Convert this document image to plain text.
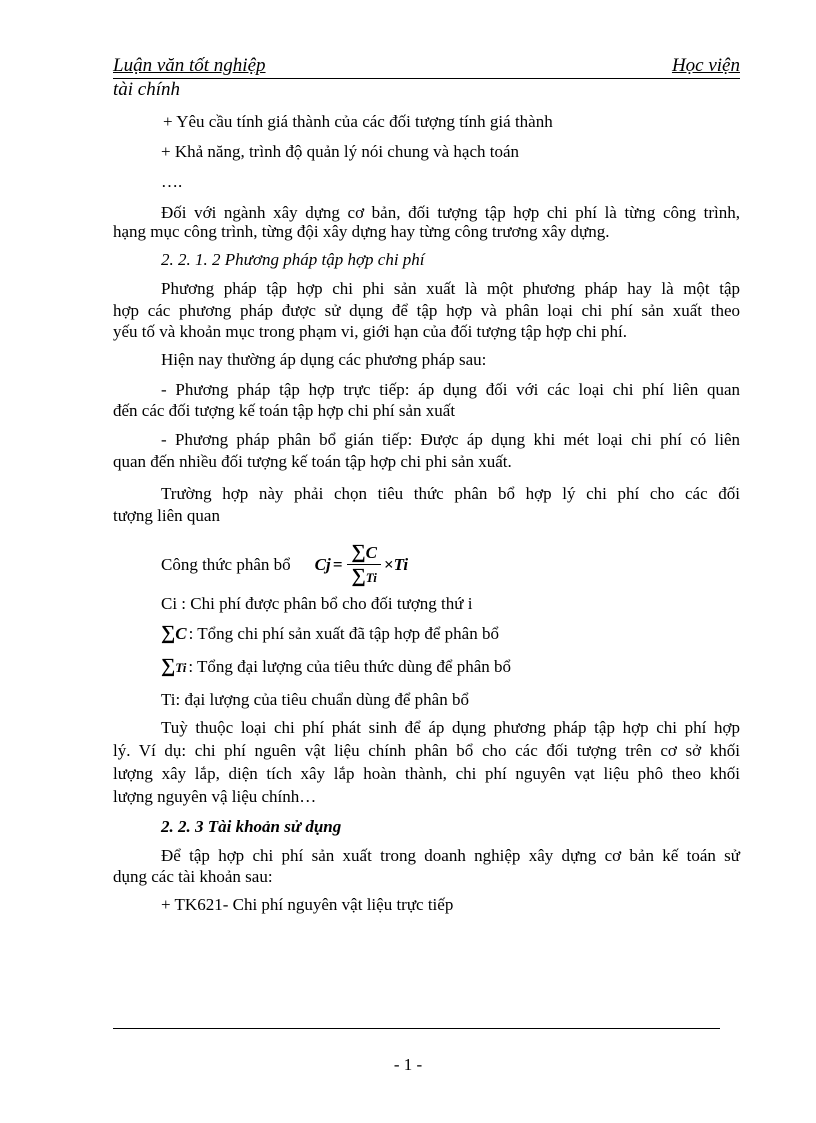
Luận văn tốt nghiệp	Học viện
tài chính
+ Yêu cầu tính giá thành của các đối tượng tính giá thành
+ Khả năng, trình độ quản lý nói chung và hạch toán
….
Đối với ngành xây dựng cơ bản, đối tượng tập hợp chi phí là từng công trình,
hạng mục công trình, từng đội xây dựng hay từng công trương xây dựng.
2. 2. 1. 2 Phương pháp tập hợp chi phí
Phương pháp tập hợp chi phi sản xuất là một phương pháp hay là một tập
hợp các phương pháp được sử dụng để tập hợp và phân loại chi phí sản xuất theo
yếu tố và khoản mục trong phạm vi, giới hạn của đối tượng tập hợp chi phí.
Hiện nay thường áp dụng các phương pháp sau:
- Phương pháp tập hợp trực tiếp: áp dụng đối với các loại chi phí liên quan
đến các đối tượng kế toán tập hợp chi phí sản xuất
- Phương pháp phân bổ gián tiếp: Được áp dụng khi mét loại chi phí có liên
quan đến nhiều đối tượng kế toán tập hợp chi phi sản xuất.
Trường hợp này phải chọn tiêu thức phân bổ hợp lý chi phí cho các đối
tượng liên quan
Công thức phân bổ $Cj = \frac{\sum C}{\sum Ti} \times Ti$
Ci : Chi phí được phân bổ cho đối tượng thứ i
∑C : Tổng chi phí sản xuất đã tập hợp để phân bổ
∑Ti : Tổng đại lượng của tiêu thức dùng để phân bổ
Ti: đại lượng của tiêu chuẩn dùng để phân bổ
Tuỳ thuộc loại chi phí phát sinh để áp dụng phương pháp tập hợp chi phí hợp
lý. Ví dụ: chi phí nguên vật liệu chính phân bổ cho các đối tượng trên cơ sở khối
lượng xây lắp, diện tích xây lắp hoàn thành, chi phí nguyên vạt liệu phô theo khối
lượng nguyên vậ liệu chính…
2. 2. 3 Tài khoản sử dụng
Để tập hợp chi phí sản xuất trong doanh nghiệp xây dựng cơ bản kế toán sử
dụng các tài khoản sau:
+ TK621- Chi phí nguyên vật liệu trực tiếp
- 1 -
